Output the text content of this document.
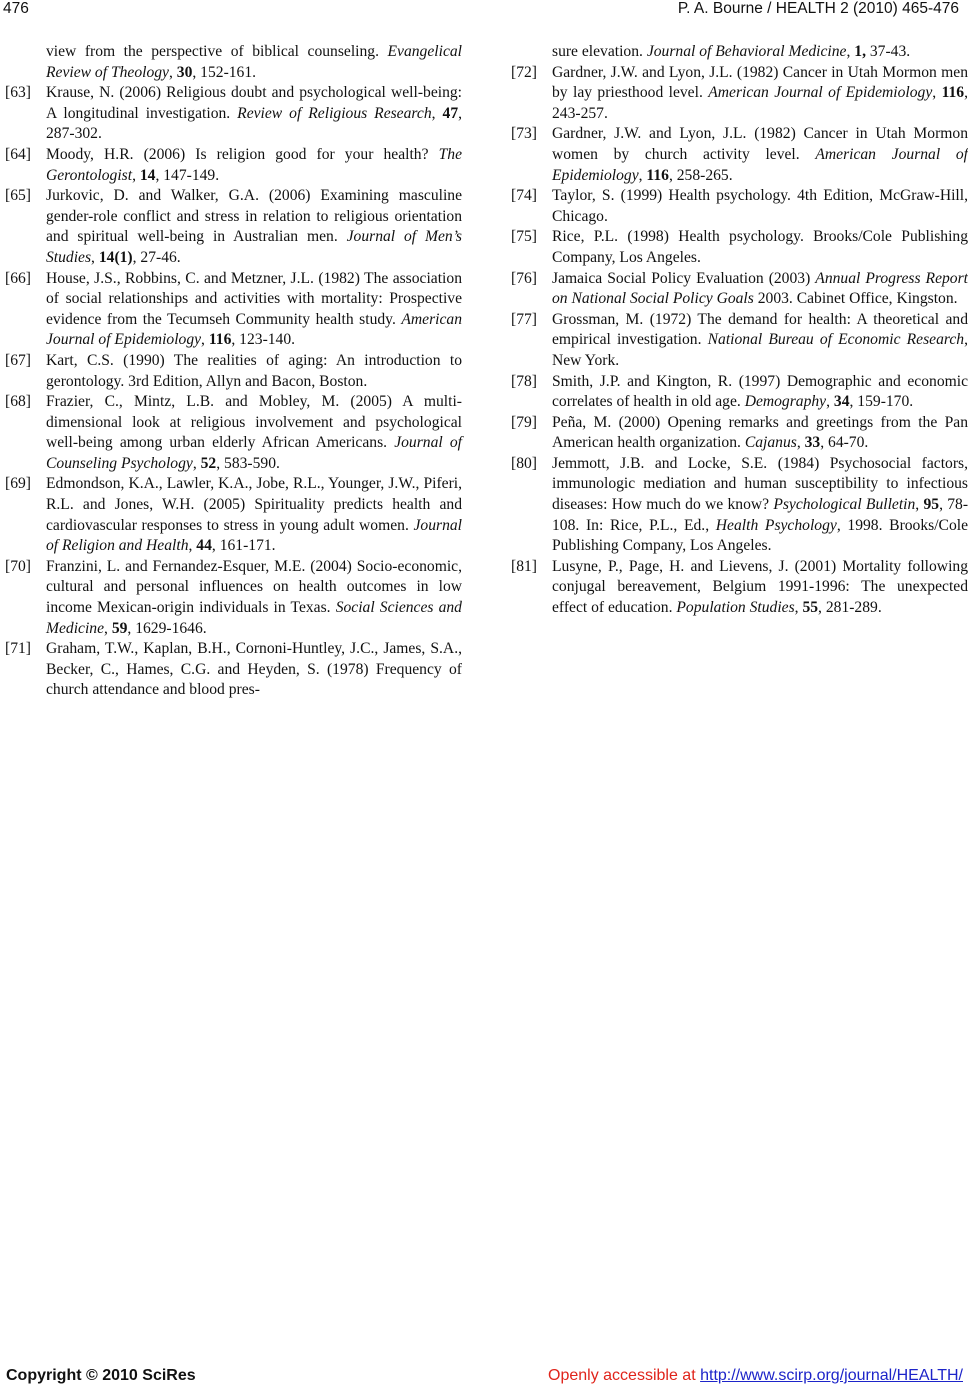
476	P. A. Bourne / HEALTH 2 (2010) 465-476

view from the perspective of biblical counseling. Evangelical Review of Theology, 30, 152-161.

[63] Krause, N. (2006) Religious doubt and psychological well-being: A longitudinal investigation. Review of Religious Research, 47, 287-302.

[64] Moody, H.R. (2006) Is religion good for your health? The Gerontologist, 14, 147-149.

[65] Jurkovic, D. and Walker, G.A. (2006) Examining masculine gender-role conflict and stress in relation to religious orientation and spiritual well-being in Australian men. Journal of Men’s Studies, 14(1), 27-46.

[66] House, J.S., Robbins, C. and Metzner, J.L. (1982) The association of social relationships and activities with mortality: Prospective evidence from the Tecumseh Community health study. American Journal of Epidemiology, 116, 123-140.

[67] Kart, C.S. (1990) The realities of aging: An introduction to gerontology. 3rd Edition, Allyn and Bacon, Boston.

[68] Frazier, C., Mintz, L.B. and Mobley, M. (2005) A multi-dimensional look at religious involvement and psychological well-being among urban elderly African Americans. Journal of Counseling Psychology, 52, 583-590.

[69] Edmondson, K.A., Lawler, K.A., Jobe, R.L., Younger, J.W., Piferi, R.L. and Jones, W.H. (2005) Spirituality predicts health and cardiovascular responses to stress in young adult women. Journal of Religion and Health, 44, 161-171.

[70] Franzini, L. and Fernandez-Esquer, M.E. (2004) Socio-economic, cultural and personal influences on health outcomes in low income Mexican-origin individuals in Texas. Social Sciences and Medicine, 59, 1629-1646.

[71] Graham, T.W., Kaplan, B.H., Cornoni-Huntley, J.C., James, S.A., Becker, C., Hames, C.G. and Heyden, S. (1978) Frequency of church attendance and blood pres-

sure elevation. Journal of Behavioral Medicine, 1, 37-43.

[72] Gardner, J.W. and Lyon, J.L. (1982) Cancer in Utah Mormon men by lay priesthood level. American Journal of Epidemiology, 116, 243-257.

[73] Gardner, J.W. and Lyon, J.L. (1982) Cancer in Utah Mormon women by church activity level. American Journal of Epidemiology, 116, 258-265.

[74] Taylor, S. (1999) Health psychology. 4th Edition, McGraw-Hill, Chicago.

[75] Rice, P.L. (1998) Health psychology. Brooks/Cole Publishing Company, Los Angeles.

[76] Jamaica Social Policy Evaluation (2003) Annual Progress Report on National Social Policy Goals 2003. Cabinet Office, Kingston.

[77] Grossman, M. (1972) The demand for health: A theoretical and empirical investigation. National Bureau of Economic Research, New York.

[78] Smith, J.P. and Kington, R. (1997) Demographic and economic correlates of health in old age. Demography, 34, 159-170.

[79] Peña, M. (2000) Opening remarks and greetings from the Pan American health organization. Cajanus, 33, 64-70.

[80] Jemmott, J.B. and Locke, S.E. (1984) Psychosocial factors, immunologic mediation and human susceptibility to infectious diseases: How much do we know? Psychological Bulletin, 95, 78-108. In: Rice, P.L., Ed., Health Psychology, 1998. Brooks/Cole Publishing Company, Los Angeles.

[81] Lusyne, P., Page, H. and Lievens, J. (2001) Mortality following conjugal bereavement, Belgium 1991-1996: The unexpected effect of education. Population Studies, 55, 281-289.

Copyright © 2010 SciRes	Openly accessible at http://www.scirp.org/journal/HEALTH/
